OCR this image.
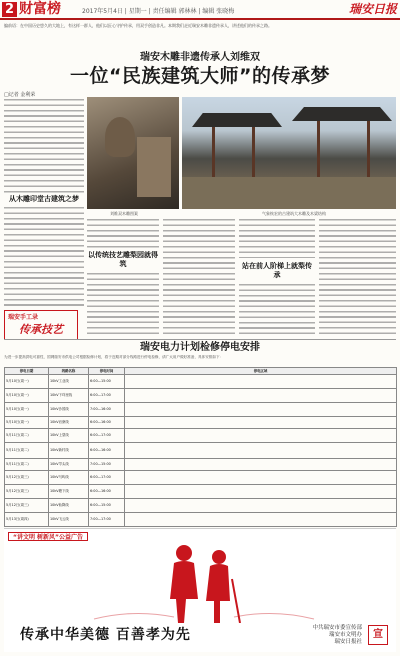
2 财富榜	2017年5月4日 | 星期一 | 责任编辑 郭林林 | 编辑 张晓梅	瑞安日报
编前语：在中国历史悠久的大地上，有这样一群人，他们以匠心守护传承，用双手创造非凡。本期我们走近瑞安木雕非遗传承人，讲述他们的传承之路。
瑞安木雕非遗传承人刘维双
一位“民族建筑大师”的传承梦
□记者 金利荣
从木雕印堂古建筑之梦
刘维双木雕图案	气象恢宏的古建筑大木雕及木梁结构
以传统技艺雕梨园就得筑	站在前人阶梯上就梨传承
瑞安手工录
传承技艺
瑞安电力计划检修停电安排
为进一步提高供电可靠性，国网瑞安市供电公司根据检修计划，将于近期对部分线路进行停电检修，请广大用户做好准备，具体安排如下：
停电日期	线路名称	停电时间	停电区域
5月10日(周一)	10kV工业线	6:00—15:00	

5月10日(周一)	10kV下垟里线	6:00—17:00	

5月10日(周一)	10kV沙园线	7:00—16:00	

5月10日(周一)	10kV岩寮线	6:00—16:00	

5月11日(周二)	10kV上望线	6:00—17:00	

5月11日(周二)	10kV新村线	6:00—16:00	

5月11日(周二)	10kV岑头线	7:00—15:00	

5月12日(周三)	10kV马屿线	6:00—17:00	

5月12日(周三)	10kV塘下线	6:00—16:00	

5月12日(周三)	10kV仙降线	6:00—15:00	

5月13日(周四)	10kV飞云线	7:00—17:00	
“讲文明 树新风”公益广告
传承中华美德 百善孝为先	中共瑞安市委宣传部
瑞安市文明办
瑞安日报社
宣
